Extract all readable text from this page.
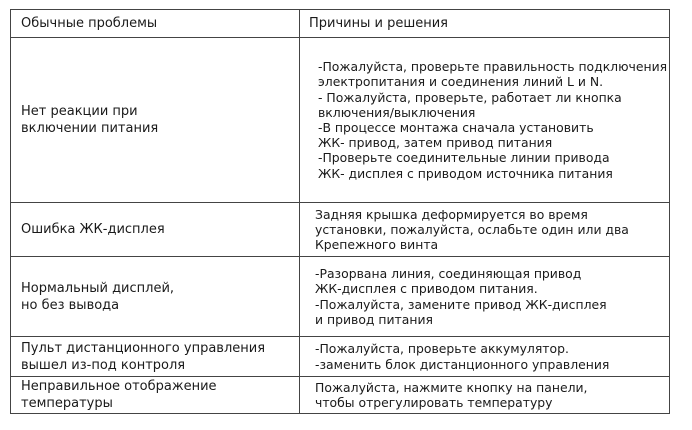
Обычные проблемы	Причины и решения
Нет реакции при
включении питания
-Пожалуйста, проверьте правильность подключения
электропитания и соединения линий L и N.
- Пожалуйста, проверьте, работает ли кнопка
включения/выключения
-В процессе монтажа сначала установить
ЖК- привод, затем привод питания
-Проверьте соединительные линии привода
ЖК- дисплея с приводом источника питания
Ошибка ЖК-дисплея
Задняя крышка деформируется во время
установки, пожалуйста, ослабьте один или два
Крепежного винта
Нормальный дисплей,
но без вывода
-Разорвана линия, соединяющая привод
ЖК-дисплея с приводом питания.
-Пожалуйста, замените привод ЖК-дисплея
и привод питания
Пульт дистанционного управления
вышел из-под контроля
-Пожалуйста, проверьте аккумулятор.
-заменить блок дистанционного управления
Неправильное отображение
температуры
Пожалуйста, нажмите кнопку на панели,
чтобы отрегулировать температуру
